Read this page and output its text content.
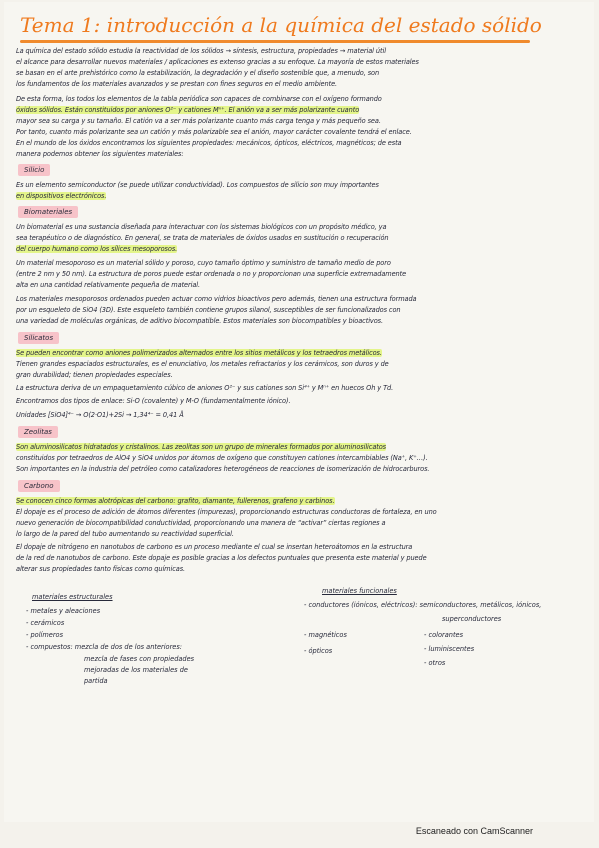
Tema 1: introducción a la química del estado sólido
La química del estado sólido estudia la reactividad de los sólidos → síntesis, estructura, propiedades → material útil
el alcance para desarrollar nuevos materiales / aplicaciones es extenso gracias a su enfoque. La mayoría de estos materiales
se basan en el arte prehistórico como la estabilización, la degradación y el diseño sostenible que, a menudo, son
los fundamentos de los materiales avanzados y se prestan con fines seguros en el medio ambiente.
De esta forma, los todos los elementos de la tabla periódica son capaces de combinarse con el oxígeno formando
óxidos sólidos. Están constituidos por aniones O²⁻ y cationes Mⁿ⁺. El anión va a ser más polarizante cuanto
mayor sea su carga y su tamaño. El catión va a ser más polarizante cuanto más carga tenga y más pequeño sea.
Por tanto, cuanto más polarizante sea un catión y más polarizable sea el anión, mayor carácter covalente tendrá el enlace.
En el mundo de los óxidos encontramos los siguientes propiedades: mecánicos, ópticos, eléctricos, magnéticos; de esta
manera podemos obtener los siguientes materiales:
Silicio
Es un elemento semiconductor (se puede utilizar conductividad). Los compuestos de silicio son muy importantes
en dispositivos electrónicos.
Biomateriales
Un biomaterial es una sustancia diseñada para interactuar con los sistemas biológicos con un propósito médico, ya
sea terapéutico o de diagnóstico. En general, se trata de materiales de óxidos usados en sustitución o recuperación
del cuerpo humano como los sílices mesoporosos.
Un material mesoporoso es un material sólido y poroso, cuyo tamaño óptimo y suministro de tamaño medio de poro
(entre 2 nm y 50 nm). La estructura de poros puede estar ordenada o no y proporcionan una superficie extremadamente
alta en una cantidad relativamente pequeña de material.
Los materiales mesoporosos ordenados pueden actuar como vidrios bioactivos pero además, tienen una estructura formada
por un esqueleto de SiO4 (3D). Este esqueleto también contiene grupos silanol, susceptibles de ser funcionalizados con
una variedad de moléculas orgánicas, de aditivo biocompatible. Estos materiales son biocompatibles y bioactivos.
Silicatos
Se pueden encontrar como aniones polimerizados alternados entre los sitios metálicos y los tetraedros metálicos.
Tienen grandes espaciados estructurales, es el enunciativo, los metales refractarios y los cerámicos, son duros y de
gran durabilidad; tienen propiedades especiales.
La estructura deriva de un empaquetamiento cúbico de aniones O²⁻ y sus cationes son Si⁴⁺ y Mⁿ⁺ en huecos Oh y Td.
Encontramos dos tipos de enlace: Si-O (covalente) y M-O (fundamentalmente iónico).
Unidades [SiO4]⁴⁻ → O(2·O1)+2Si → 1,34⁴⁻ = 0,41 Å
Zeolitas
Son aluminosilicatos hidratados y cristalinos. Las zeolitas son un grupo de minerales formados por aluminosilicatos
constituidos por tetraedros de AlO4 y SiO4 unidos por átomos de oxígeno que constituyen cationes intercambiables (Na⁺, K⁺…).
Son importantes en la industria del petróleo como catalizadores heterogéneos de reacciones de isomerización de hidrocarburos.
Carbono
Se conocen cinco formas alotrópicas del carbono: grafito, diamante, fullerenos, grafeno y carbinos.
El dopaje es el proceso de adición de átomos diferentes (impurezas), proporcionando estructuras conductoras de fortaleza, en uno
nuevo generación de biocompatibilidad conductividad, proporcionando una manera de “activar” ciertas regiones a
lo largo de la pared del tubo aumentando su reactividad superficial.
El dopaje de nitrógeno en nanotubos de carbono es un proceso mediante el cual se insertan heteroátomos en la estructura
de la red de nanotubos de carbono. Este dopaje es posible gracias a los defectos puntuales que presenta este material y puede
alterar sus propiedades tanto físicas como químicas.
materiales estructurales
- metales y aleaciones
- cerámicos
- polímeros
- compuestos: mezcla de dos de los anteriores:
mezcla de fases con propiedades
mejoradas de los materiales de
partida
materiales funcionales
- conductores (iónicos, eléctricos): semiconductores, metálicos, iónicos,
superconductores
- magnéticos
- ópticos
- colorantes
- luminiscentes
- otros
Escaneado con CamScanner
